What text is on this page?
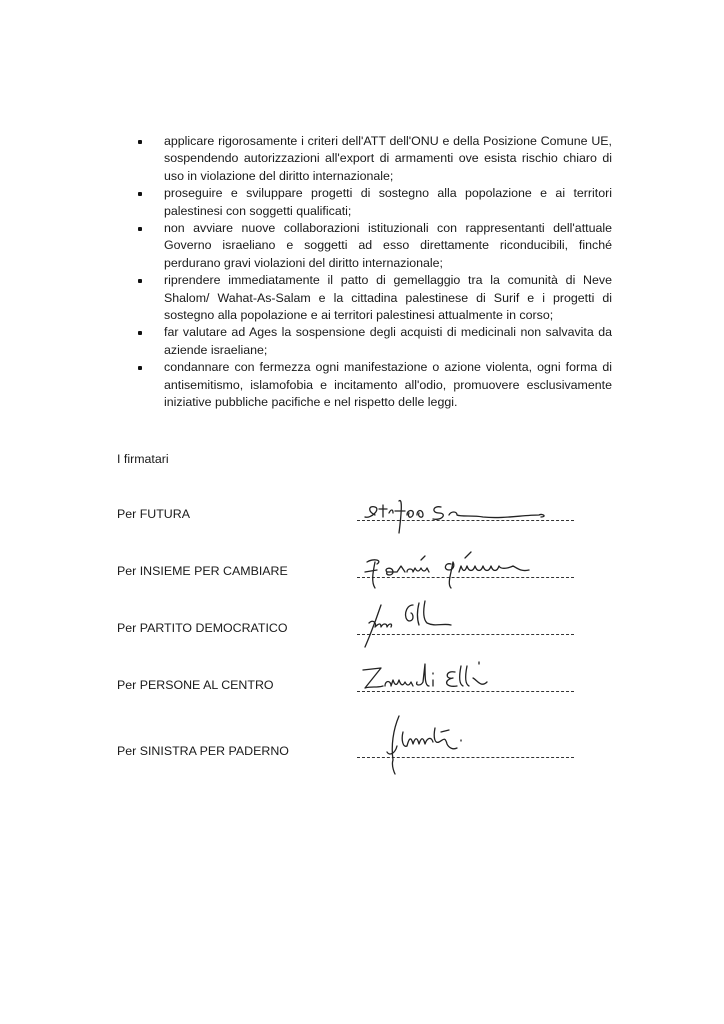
applicare rigorosamente i criteri dell'ATT dell'ONU e della Posizione Comune UE, sospendendo autorizzazioni all'export di armamenti ove esista rischio chiaro di uso in violazione del diritto internazionale;
proseguire e sviluppare progetti di sostegno alla popolazione e ai territori palestinesi con soggetti qualificati;
non avviare nuove collaborazioni istituzionali con rappresentanti dell'attuale Governo israeliano e soggetti ad esso direttamente riconducibili, finché perdurano gravi violazioni del diritto internazionale;
riprendere immediatamente il patto di gemellaggio tra la comunità di Neve Shalom/ Wahat-As-Salam e la cittadina palestinese di Surif e i progetti di sostegno alla popolazione e ai territori palestinesi attualmente in corso;
far valutare ad Ages la sospensione degli acquisti di medicinali non salvavita da aziende israeliane;
condannare con fermezza ogni manifestazione o azione violenta, ogni forma di antisemitismo, islamofobia e incitamento all'odio, promuovere esclusivamente iniziative pubbliche pacifiche e nel rispetto delle leggi.
I firmatari
Per FUTURA
Per INSIEME PER CAMBIARE
Per PARTITO DEMOCRATICO
Per PERSONE AL CENTRO
Per SINISTRA PER PADERNO
